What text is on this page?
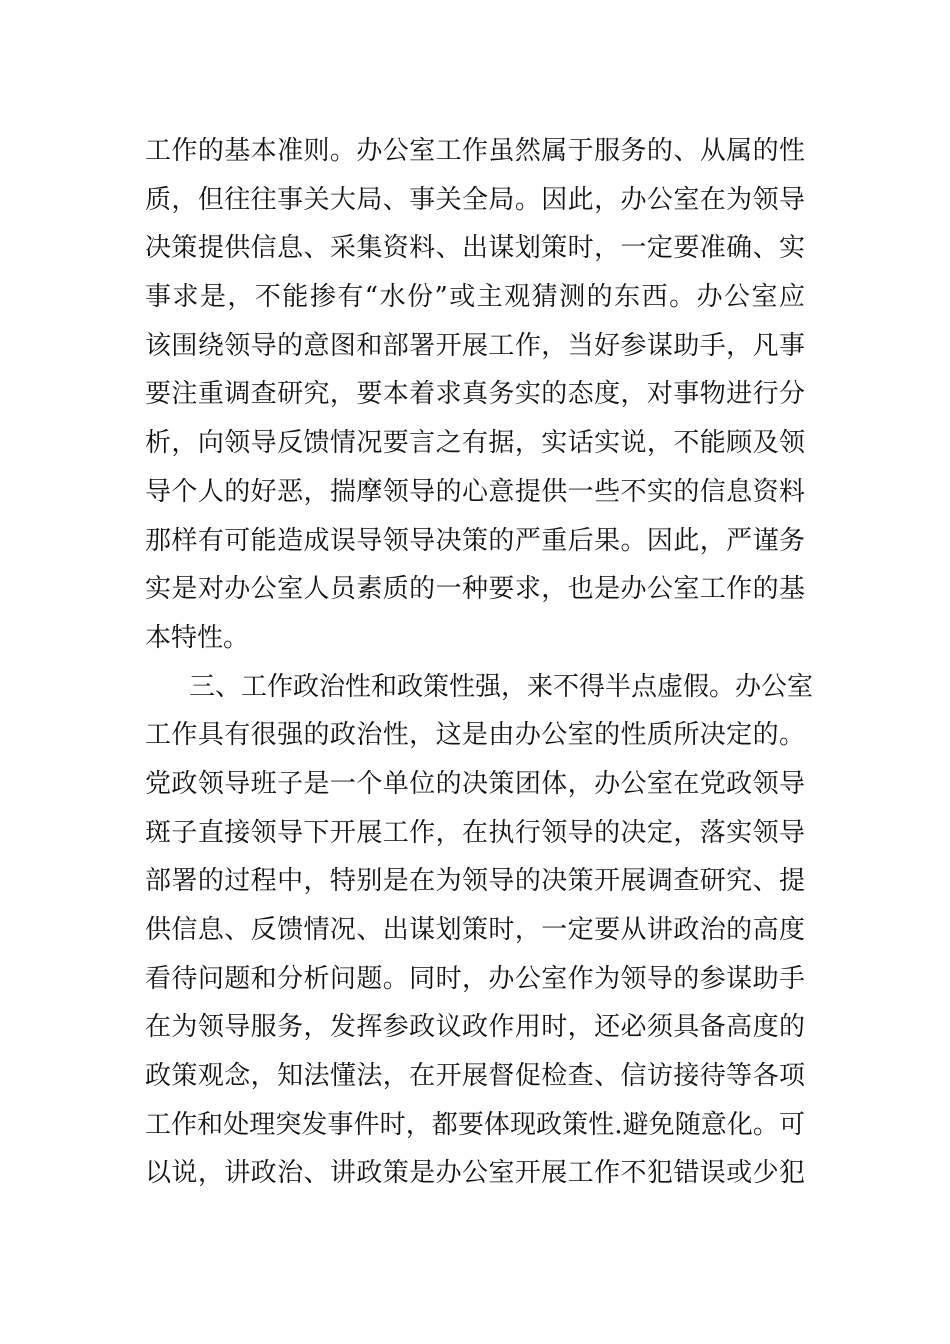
工作的基本准则。办公室工作虽然属于服务的、从属的性
质，但往往事关大局、事关全局。因此，办公室在为领导
决策提供信息、采集资料、出谋划策时，一定要准确、实
事求是，不能掺有“水份”或主观猜测的东西。办公室应
该围绕领导的意图和部署开展工作，当好参谋助手，凡事
要注重调查研究，要本着求真务实的态度，对事物进行分
析，向领导反馈情况要言之有据，实话实说，不能顾及领
导个人的好恶，揣摩领导的心意提供一些不实的信息资料
那样有可能造成误导领导决策的严重后果。因此，严谨务
实是对办公室人员素质的一种要求，也是办公室工作的基
本特性。
三、工作政治性和政策性强，来不得半点虚假。办公室
工作具有很强的政治性，这是由办公室的性质所决定的。
党政领导班子是一个单位的决策团体，办公室在党政领导
斑子直接领导下开展工作，在执行领导的决定，落实领导
部署的过程中，特别是在为领导的决策开展调查研究、提
供信息、反馈情况、出谋划策时，一定要从讲政治的高度
看待问题和分析问题。同时，办公室作为领导的参谋助手
在为领导服务，发挥参政议政作用时，还必须具备高度的
政策观念，知法懂法，在开展督促检查、信访接待等各项
工作和处理突发事件时，都要体现政策性.避免随意化。可
以说，讲政治、讲政策是办公室开展工作不犯错误或少犯
